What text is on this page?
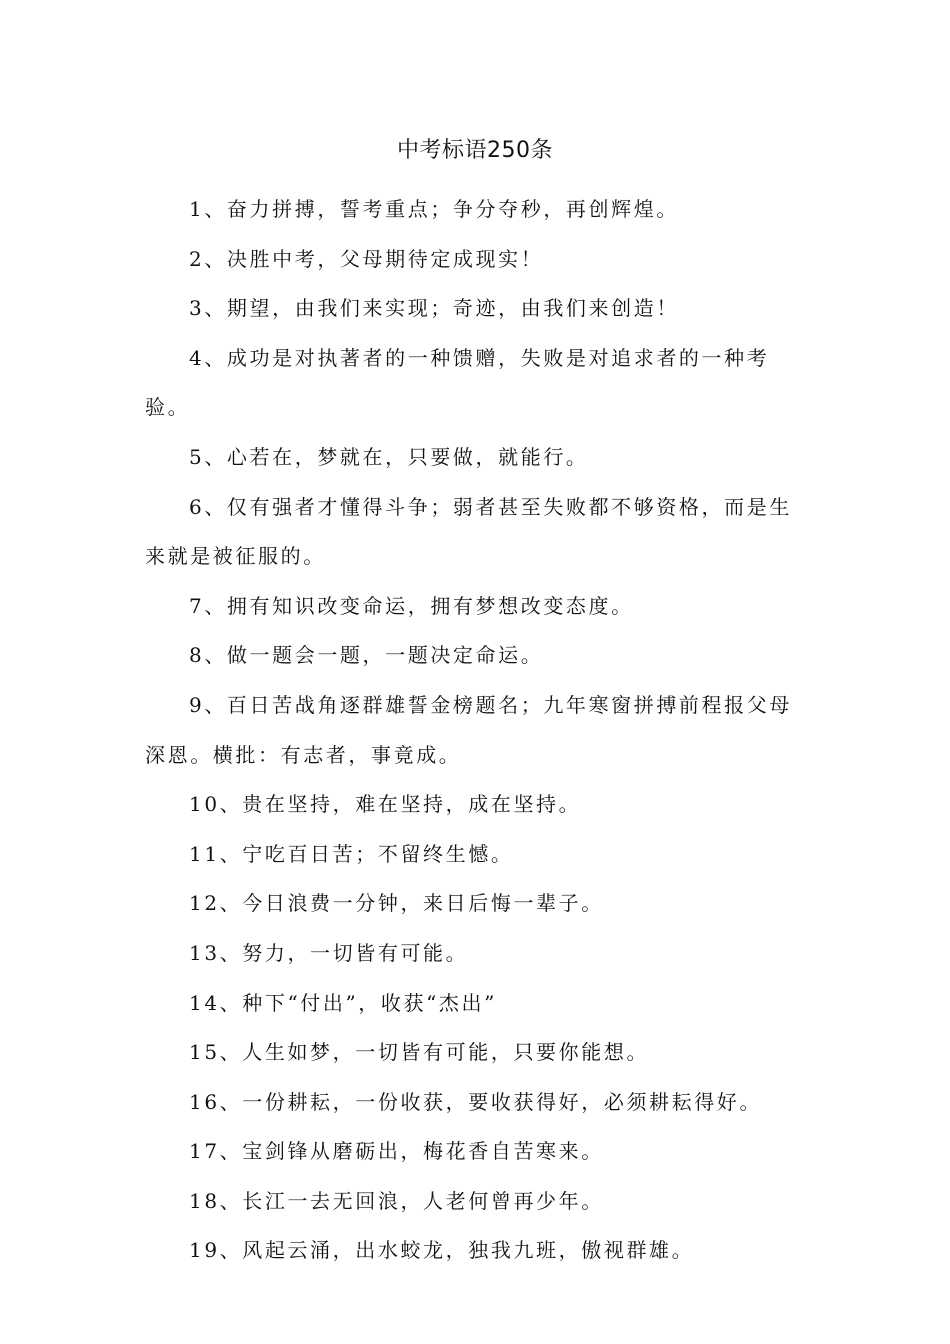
中考标语250条

1、奋力拼搏，誓考重点；争分夺秒，再创辉煌。

2、决胜中考，父母期待定成现实！

3、期望，由我们来实现；奇迹，由我们来创造！

4、成功是对执著者的一种馈赠，失败是对追求者的一种考验。

5、心若在，梦就在，只要做，就能行。

6、仅有强者才懂得斗争；弱者甚至失败都不够资格，而是生来就是被征服的。

7、拥有知识改变命运，拥有梦想改变态度。

8、做一题会一题，一题决定命运。

9、百日苦战角逐群雄誓金榜题名；九年寒窗拼搏前程报父母深恩。横批：有志者，事竟成。

10、贵在坚持，难在坚持，成在坚持。

11、宁吃百日苦；不留终生憾。

12、今日浪费一分钟，来日后悔一辈子。

13、努力，一切皆有可能。

14、种下“付出”，收获“杰出”

15、人生如梦，一切皆有可能，只要你能想。

16、一份耕耘，一份收获，要收获得好，必须耕耘得好。

17、宝剑锋从磨砺出，梅花香自苦寒来。

18、长江一去无回浪，人老何曾再少年。

19、风起云涌，出水蛟龙，独我九班，傲视群雄。
